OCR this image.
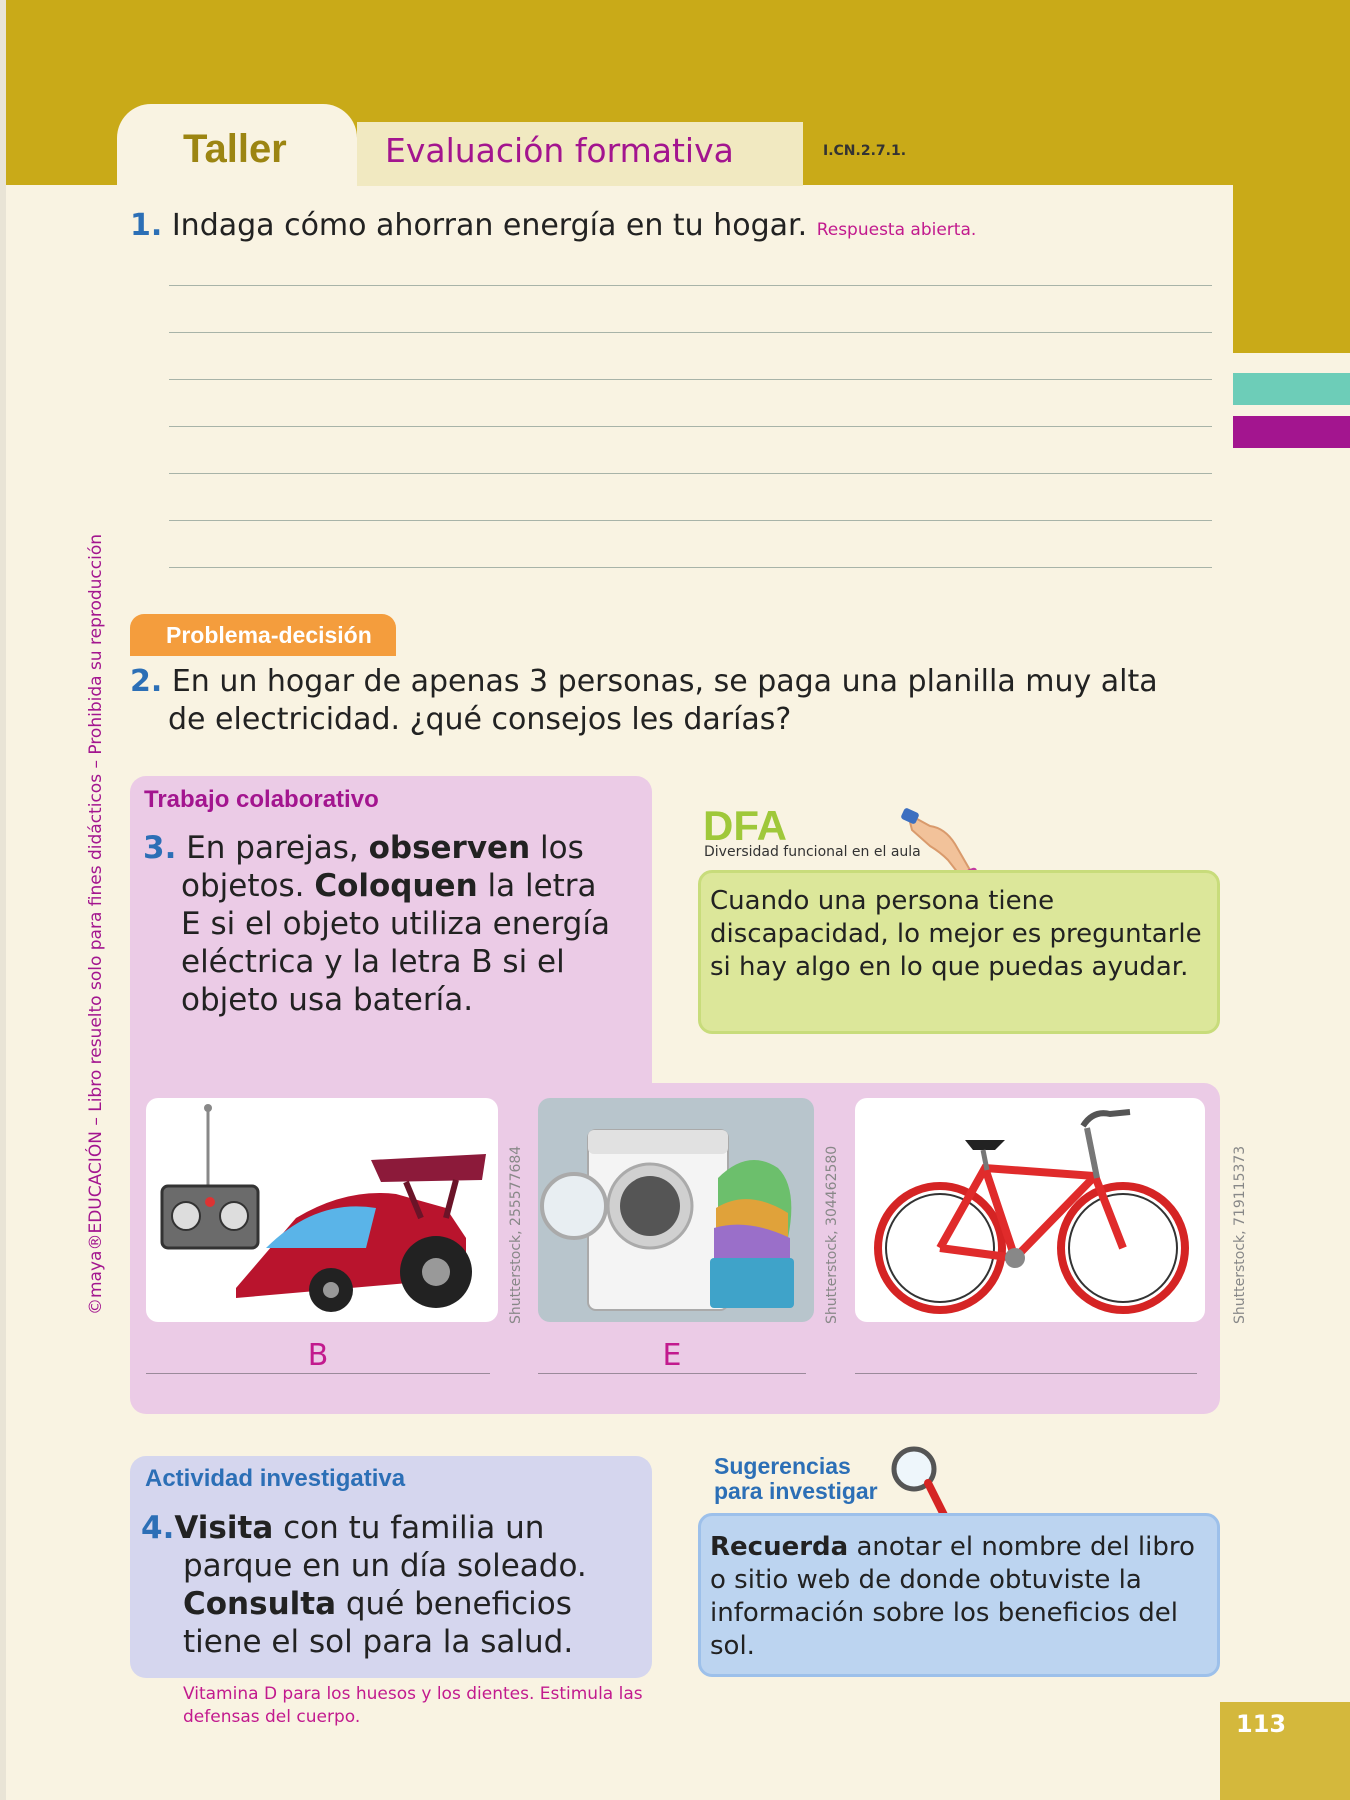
Taller	Evaluación formativa	I.CN.2.7.1.
©maya®EDUCACIÓN – Libro resuelto solo para fines didácticos – Prohibida su reproducción
1. Indaga cómo ahorran energía en tu hogar. Respuesta abierta.
Problema-decisión
2. En un hogar de apenas 3 personas, se paga una planilla muy alta
de electricidad. ¿qué consejos les darías?
Trabajo colaborativo
3. En parejas, observen los
objetos. Coloquen la letra
E si el objeto utiliza energía
eléctrica y la letra B si el
objeto usa batería.
DFA
Diversidad funcional en el aula
Cuando una persona tiene discapacidad, lo mejor es preguntarle si hay algo en lo que puedas ayudar.
Shutterstock, 255577684	Shutterstock, 304462580	Shutterstock, 719115373
B	E
Actividad investigativa
4.Visita con tu familia un
parque en un día soleado.
Consulta qué beneficios
tiene el sol para la salud.
Vitamina D para los huesos y los dientes. Estimula las defensas del cuerpo.
Sugerencias
para investigar
Recuerda anotar el nombre del libro o sitio web de donde obtuviste la información sobre los beneficios del sol.
113
